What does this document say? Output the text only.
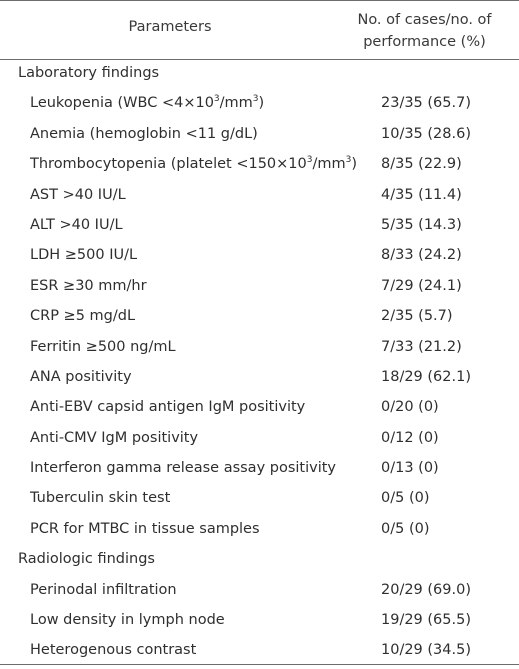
Parameters	No. of cases/no. of
performance (%)
Laboratory findings
Leukopenia $(WBC <4\times 10^3/mm^3)$	23/35 (65.7)
Anemia (hemoglobin <11 g/dL)	10/35 (28.6)
Thrombocytopenia (platelet $<150\times 10^3/mm^3$) 8/35 (22.9)
AST >40 IU/L	4/35 (11.4)
ALT >40 IU/L	5/35 (14.3)
LDH ≥500 IU/L	8/33 (24.2)
ESR ≥30 mm/hr	7/29 (24.1)
CRP ≥5 mg/dL	2/35 (5.7)
Ferritin ≥500 ng/mL	7/33 (21.2)
ANA positivity	18/29 (62.1)
Anti-EBV capsid antigen IgM positivity	0/20 (0)
Anti-CMV IgM positivity	0/12 (0)
Interferon gamma release assay positivity	0/13 (0)
Tuberculin skin test	0/5 (0)
PCR for MTBC in tissue samples	0/5 (0)
Radiologic findings
Perinodal infiltration	20/29 (69.0)
Low density in lymph node	19/29 (65.5)
Heterogenous contrast	10/29 (34.5)
